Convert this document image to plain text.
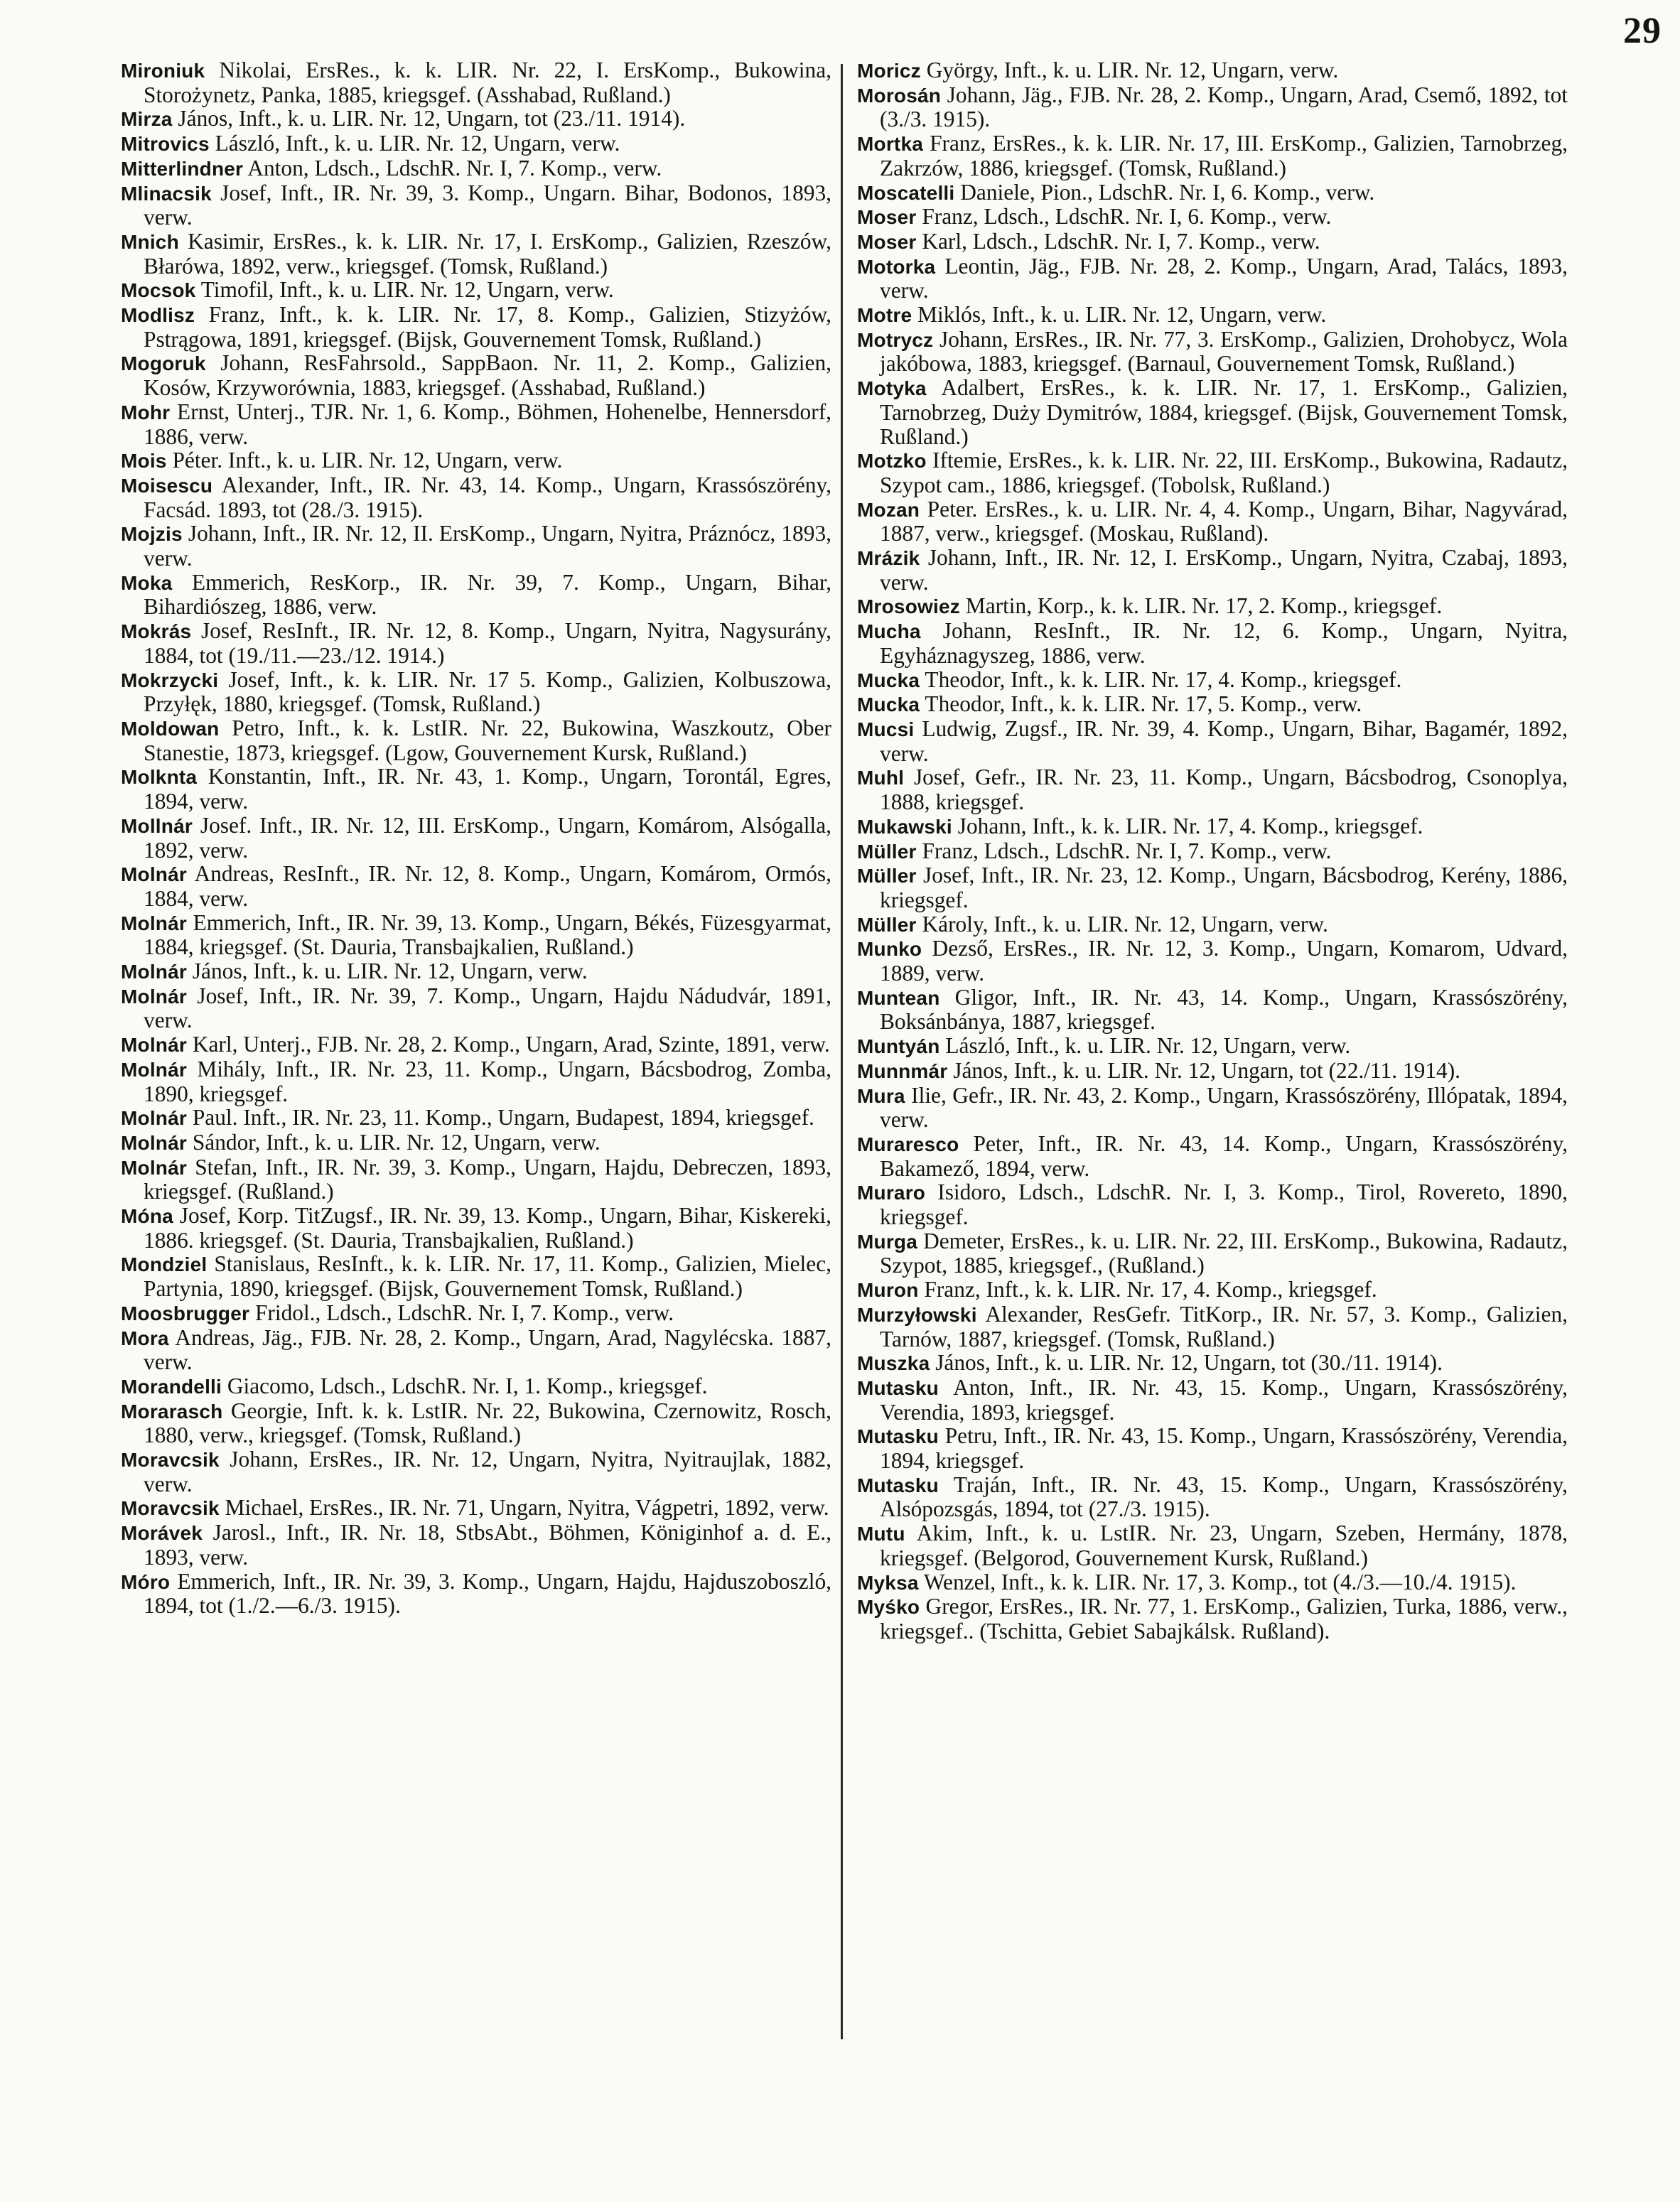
29

Mironiuk Nikolai, ErsRes., k. k. LIR. Nr. 22, I. ErsKomp., Bukowina, Storożynetz, Panka, 1885, kriegsgef. (Asshabad, Rußland.)

Mirza János, Inft., k. u. LIR. Nr. 12, Ungarn, tot (23./11. 1914).

Mitrovics László, Inft., k. u. LIR. Nr. 12, Ungarn, verw.

Mitterlindner Anton, Ldsch., LdschR. Nr. I, 7. Komp., verw.

Mlinacsik Josef, Inft., IR. Nr. 39, 3. Komp., Ungarn. Bihar, Bodonos, 1893, verw.

Mnich Kasimir, ErsRes., k. k. LIR. Nr. 17, I. ErsKomp., Galizien, Rzeszów, Błarówa, 1892, verw., kriegsgef. (Tomsk, Rußland.)

Mocsok Timofil, Inft., k. u. LIR. Nr. 12, Ungarn, verw.

Modlisz Franz, Inft., k. k. LIR. Nr. 17, 8. Komp., Galizien, Stizyżów, Pstrągowa, 1891, kriegsgef. (Bijsk, Gouvernement Tomsk, Rußland.)

Mogoruk Johann, ResFahrsold., SappBaon. Nr. 11, 2. Komp., Galizien, Kosów, Krzyworównia, 1883, kriegsgef. (Asshabad, Rußland.)

Mohr Ernst, Unterj., TJR. Nr. 1, 6. Komp., Böhmen, Hohenelbe, Hennersdorf, 1886, verw.

Mois Péter. Inft., k. u. LIR. Nr. 12, Ungarn, verw.

Moisescu Alexander, Inft., IR. Nr. 43, 14. Komp., Ungarn, Krassószörény, Facsád. 1893, tot (28./3. 1915).

Mojzis Johann, Inft., IR. Nr. 12, II. ErsKomp., Ungarn, Nyitra, Práznócz, 1893, verw.

Moka Emmerich, ResKorp., IR. Nr. 39, 7. Komp., Ungarn, Bihar, Bihardiószeg, 1886, verw.

Mokrás Josef, ResInft., IR. Nr. 12, 8. Komp., Ungarn, Nyitra, Nagysurány, 1884, tot (19./11.—23./12. 1914.)

Mokrzycki Josef, Inft., k. k. LIR. Nr. 17 5. Komp., Galizien, Kolbuszowa, Przyłęk, 1880, kriegsgef. (Tomsk, Rußland.)

Moldowan Petro, Inft., k. k. LstIR. Nr. 22, Bukowina, Waszkoutz, Ober Stanestie, 1873, kriegsgef. (Lgow, Gouvernement Kursk, Rußland.)

Molknta Konstantin, Inft., IR. Nr. 43, 1. Komp., Ungarn, Torontál, Egres, 1894, verw.

Mollnár Josef. Inft., IR. Nr. 12, III. ErsKomp., Ungarn, Komárom, Alsógalla, 1892, verw.

Molnár Andreas, ResInft., IR. Nr. 12, 8. Komp., Ungarn, Komárom, Ormós, 1884, verw.

Molnár Emmerich, Inft., IR. Nr. 39, 13. Komp., Ungarn, Békés, Füzesgyarmat, 1884, kriegsgef. (St. Dauria, Transbajkalien, Rußland.)

Molnár János, Inft., k. u. LIR. Nr. 12, Ungarn, verw.

Molnár Josef, Inft., IR. Nr. 39, 7. Komp., Ungarn, Hajdu Nádudvár, 1891, verw.

Molnár Karl, Unterj., FJB. Nr. 28, 2. Komp., Ungarn, Arad, Szinte, 1891, verw.

Molnár Mihály, Inft., IR. Nr. 23, 11. Komp., Ungarn, Bácsbodrog, Zomba, 1890, kriegsgef.

Molnár Paul. Inft., IR. Nr. 23, 11. Komp., Ungarn, Budapest, 1894, kriegsgef.

Molnár Sándor, Inft., k. u. LIR. Nr. 12, Ungarn, verw.

Molnár Stefan, Inft., IR. Nr. 39, 3. Komp., Ungarn, Hajdu, Debreczen, 1893, kriegsgef. (Rußland.)

Móna Josef, Korp. TitZugsf., IR. Nr. 39, 13. Komp., Ungarn, Bihar, Kiskereki, 1886. kriegsgef. (St. Dauria, Transbajkalien, Rußland.)

Mondziel Stanislaus, ResInft., k. k. LIR. Nr. 17, 11. Komp., Galizien, Mielec, Partynia, 1890, kriegsgef. (Bijsk, Gouvernement Tomsk, Rußland.)

Moosbrugger Fridol., Ldsch., LdschR. Nr. I, 7. Komp., verw.

Mora Andreas, Jäg., FJB. Nr. 28, 2. Komp., Ungarn, Arad, Nagylécska. 1887, verw.

Morandelli Giacomo, Ldsch., LdschR. Nr. I, 1. Komp., kriegsgef.

Morarasch Georgie, Inft. k. k. LstIR. Nr. 22, Bukowina, Czernowitz, Rosch, 1880, verw., kriegsgef. (Tomsk, Rußland.)

Moravcsik Johann, ErsRes., IR. Nr. 12, Ungarn, Nyitra, Nyitraujlak, 1882, verw.

Moravcsik Michael, ErsRes., IR. Nr. 71, Ungarn, Nyitra, Vágpetri, 1892, verw.

Morávek Jarosl., Inft., IR. Nr. 18, StbsAbt., Böhmen, Königinhof a. d. E., 1893, verw.

Móro Emmerich, Inft., IR. Nr. 39, 3. Komp., Ungarn, Hajdu, Hajduszoboszló, 1894, tot (1./2.—6./3. 1915).

Moricz György, Inft., k. u. LIR. Nr. 12, Ungarn, verw.

Morosán Johann, Jäg., FJB. Nr. 28, 2. Komp., Ungarn, Arad, Csemő, 1892, tot (3./3. 1915).

Mortka Franz, ErsRes., k. k. LIR. Nr. 17, III. ErsKomp., Galizien, Tarnobrzeg, Zakrzów, 1886, kriegsgef. (Tomsk, Rußland.)

Moscatelli Daniele, Pion., LdschR. Nr. I, 6. Komp., verw.

Moser Franz, Ldsch., LdschR. Nr. I, 6. Komp., verw.

Moser Karl, Ldsch., LdschR. Nr. I, 7. Komp., verw.

Motorka Leontin, Jäg., FJB. Nr. 28, 2. Komp., Ungarn, Arad, Talács, 1893, verw.

Motre Miklós, Inft., k. u. LIR. Nr. 12, Ungarn, verw.

Motrycz Johann, ErsRes., IR. Nr. 77, 3. ErsKomp., Galizien, Drohobycz, Wola jakóbowa, 1883, kriegsgef. (Barnaul, Gouvernement Tomsk, Rußland.)

Motyka Adalbert, ErsRes., k. k. LIR. Nr. 17, 1. ErsKomp., Galizien, Tarnobrzeg, Duży Dymitrów, 1884, kriegsgef. (Bijsk, Gouvernement Tomsk, Rußland.)

Motzko Iftemie, ErsRes., k. k. LIR. Nr. 22, III. ErsKomp., Bukowina, Radautz, Szypot cam., 1886, kriegsgef. (Tobolsk, Rußland.)

Mozan Peter. ErsRes., k. u. LIR. Nr. 4, 4. Komp., Ungarn, Bihar, Nagyvárad, 1887, verw., kriegsgef. (Moskau, Rußland).

Mrázik Johann, Inft., IR. Nr. 12, I. ErsKomp., Ungarn, Nyitra, Czabaj, 1893, verw.

Mrosowiez Martin, Korp., k. k. LIR. Nr. 17, 2. Komp., kriegsgef.

Mucha Johann, ResInft., IR. Nr. 12, 6. Komp., Ungarn, Nyitra, Egyháznagyszeg, 1886, verw.

Mucka Theodor, Inft., k. k. LIR. Nr. 17, 4. Komp., kriegsgef.

Mucka Theodor, Inft., k. k. LIR. Nr. 17, 5. Komp., verw.

Mucsi Ludwig, Zugsf., IR. Nr. 39, 4. Komp., Ungarn, Bihar, Bagamér, 1892, verw.

Muhl Josef, Gefr., IR. Nr. 23, 11. Komp., Ungarn, Bácsbodrog, Csonoplya, 1888, kriegsgef.

Mukawski Johann, Inft., k. k. LIR. Nr. 17, 4. Komp., kriegsgef.

Müller Franz, Ldsch., LdschR. Nr. I, 7. Komp., verw.

Müller Josef, Inft., IR. Nr. 23, 12. Komp., Ungarn, Bácsbodrog, Kerény, 1886, kriegsgef.

Müller Károly, Inft., k. u. LIR. Nr. 12, Ungarn, verw.

Munko Dezső, ErsRes., IR. Nr. 12, 3. Komp., Ungarn, Komarom, Udvard, 1889, verw.

Muntean Gligor, Inft., IR. Nr. 43, 14. Komp., Ungarn, Krassószörény, Boksánbánya, 1887, kriegsgef.

Muntyán László, Inft., k. u. LIR. Nr. 12, Ungarn, verw.

Munnmár János, Inft., k. u. LIR. Nr. 12, Ungarn, tot (22./11. 1914).

Mura Ilie, Gefr., IR. Nr. 43, 2. Komp., Ungarn, Krassószörény, Illópatak, 1894, verw.

Muraresco Peter, Inft., IR. Nr. 43, 14. Komp., Ungarn, Krassószörény, Bakamező, 1894, verw.

Muraro Isidoro, Ldsch., LdschR. Nr. I, 3. Komp., Tirol, Rovereto, 1890, kriegsgef.

Murga Demeter, ErsRes., k. u. LIR. Nr. 22, III. ErsKomp., Bukowina, Radautz, Szypot, 1885, kriegsgef., (Rußland.)

Muron Franz, Inft., k. k. LIR. Nr. 17, 4. Komp., kriegsgef.

Murzyłowski Alexander, ResGefr. TitKorp., IR. Nr. 57, 3. Komp., Galizien, Tarnów, 1887, kriegsgef. (Tomsk, Rußland.)

Muszka János, Inft., k. u. LIR. Nr. 12, Ungarn, tot (30./11. 1914).

Mutasku Anton, Inft., IR. Nr. 43, 15. Komp., Ungarn, Krassószörény, Verendia, 1893, kriegsgef.

Mutasku Petru, Inft., IR. Nr. 43, 15. Komp., Ungarn, Krassószörény, Verendia, 1894, kriegsgef.

Mutasku Traján, Inft., IR. Nr. 43, 15. Komp., Ungarn, Krassószörény, Alsópozsgás, 1894, tot (27./3. 1915).

Mutu Akim, Inft., k. u. LstIR. Nr. 23, Ungarn, Szeben, Hermány, 1878, kriegsgef. (Belgorod, Gouvernement Kursk, Rußland.)

Myksa Wenzel, Inft., k. k. LIR. Nr. 17, 3. Komp., tot (4./3.—10./4. 1915).

Myśko Gregor, ErsRes., IR. Nr. 77, 1. ErsKomp., Galizien, Turka, 1886, verw., kriegsgef.. (Tschitta, Gebiet Sabajkálsk. Rußland).
